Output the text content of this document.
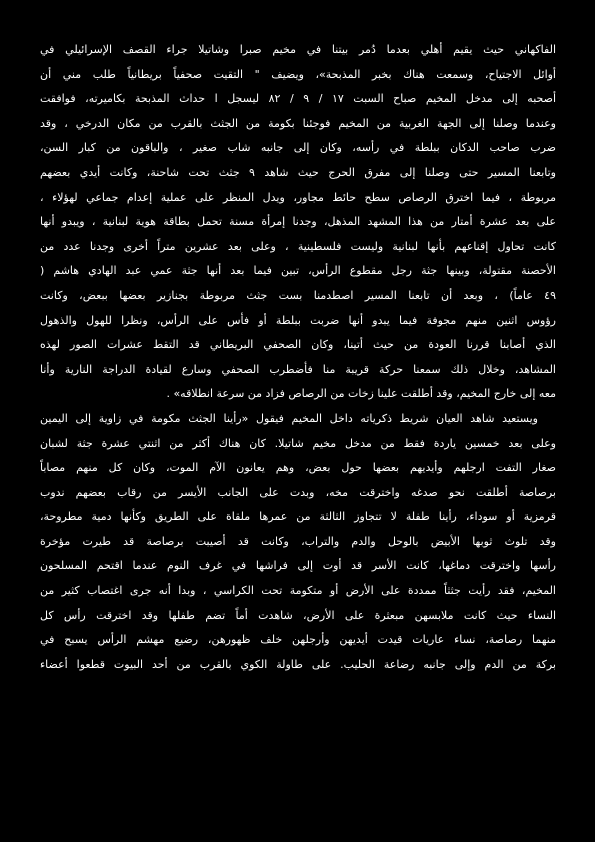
الفاكهاني حيث يقيم أهلي بعدما دُمر بيتنا في مخيم صبرا وشاتيلا جراء القصف الإسرائيلي في
أوائل الاجتياح، وسمعت هناك بخبر المذبحة»، ويضيف " التقيت صحفياً بريطانياً طلب مني أن
أصحبه إلى مدخل المخيم صباح السبت ١٧ / ٩ / ٨٢ ليسجل ا حداث المذبحة بكاميرته، فوافقت
وعندما وصلنا إلى الجهة الغربية من المخيم فوجئنا بكومة من الجثث بالقرب من مكان الدرخي ، وقد
ضرب صاحب الدكان ببلطة في رأسه، وكان إلى جانبه شاب صغير ، والباقون من كبار السن،
وتابعنا المسير حتى وصلنا إلى مفرق الحرج حيث شاهد ٩ جثث تحت شاحنة، وكانت أيدي بعضهم
مربوطة ، فيما اخترق الرصاص سطح حائط مجاور، ويدل المنظر على عملية إعدام جماعي لهؤلاء ،
على بعد عشرة أمتار من هذا المشهد المذهل، وجدنا إمرأة مسنة تحمل بطاقة هوية لبنانية ، ويبدو أنها
كانت تحاول إقناعهم بأنها لبنانية وليست فلسطينية ، وعلى بعد عشرين متراً أخرى وجدنا عدد من
الأحصنة مقتولة، وبينها جثة رجل مقطوع الرأس، تبين فيما بعد أنها جثة عمي عبد الهادي هاشم (
٤٩ عاماً) ، وبعد أن تابعنا المسير اصطدمنا بست جثث مربوطة بجنازير بعضها ببعض، وكانت
رؤوس اثنين منهم مجوفة فيما يبدو أنها ضربت ببلطة أو فأس على الرأس، ونظرا للهول والذهول
الذي أصابنا قررنا العودة من حيث أتينا، وكان الصحفي البريطاني قد التقط عشرات الصور لهذه
المشاهد، وخلال ذلك سمعنا حركة قريبة منا فأضطرب الصحفي وسارع لقيادة الدراجة النارية وأنا
معه إلى خارج المخيم، وقد أطلقت علينا زخات من الرصاص فزاد من سرعة انطلاقه» .
ويستعيد شاهد العيان شريط ذكرياته داخل المخيم فيقول «رأينا الجثث مكومة في زاوية إلى اليمين
وعلى بعد خمسين ياردة فقط من مدخل مخيم شاتيلا. كان هناك أكثر من اثنتي عشرة جثة لشبان
صغار التفت ارجلهم وأيديهم بعضها حول بعض، وهم يعانون الآم الموت، وكان كل منهم مصاباً
برصاصة أطلقت نحو صدغه واخترقت مخه، وبدت على الجانب الأيسر من رقاب بعضهم ندوب
قرمزية أو سوداء، رأينا طفلة لا تتجاوز الثالثة من عمرها ملقاة على الطريق وكأنها دمية مطروحة،
وقد تلوث ثوبها الأبيض بالوحل والدم والتراب، وكانت قد أصيبت برصاصة قد طيرت مؤخرة
رأسها واخترقت دماغها، كانت الأسر قد أوت إلى فراشها في غرف النوم عندما اقتحم المسلحون
المخيم، فقد رأيت جثثاً ممددة على الأرض أو متكومة تحت الكراسي ، وبدا أنه جرى اغتصاب كثير من
النساء حيث كانت ملابسهن مبعثرة على الأرض، شاهدت أماً تضم طفلها وقد اخترقت رأس كل
منهما رصاصة، نساء عاريات قيدت أيديهن وأرجلهن خلف ظهورهن، رضيع مهشم الرأس يسبح في
بركة من الدم وإلى جانبه رضاعة الحليب. على طاولة الكوي بالقرب من أحد البيوت قطعوا أعضاء
